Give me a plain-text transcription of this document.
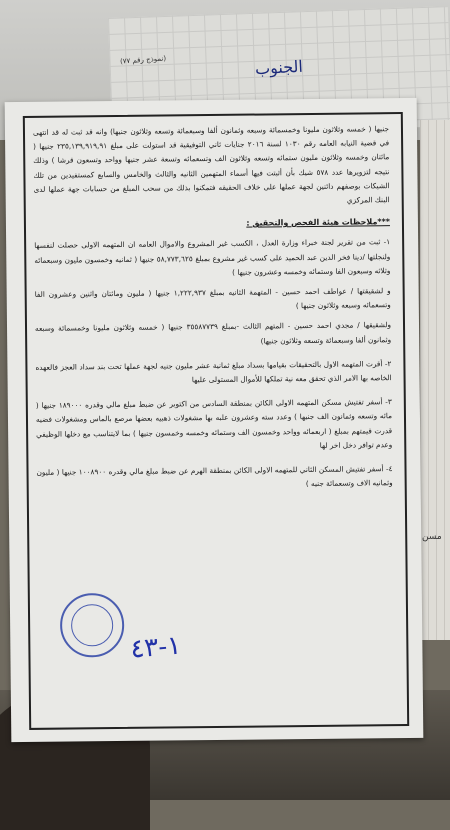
(نموذج رقم ٧٧)	الجنوب
مسن

جنيها ( خمسه وثلاثون مليونا وخمسمائة وسبعه وثمانون ألفا وسبعمائة وتسعه وثلاثون جنيها) وانه قد ثبت له قد انتهى في قضية النيابه العامه رقم ١٠٣٠ لسنة ٢٠١٦ جنايات ثاني التوفيقية قد استولت على مبلغ ٢٣٥,١٣٩,٩١٩,٩١ جنيها ( مائتان وخمسه وثلاثون مليون ستمائه وتسعه وثلاثون الف وتسعمائه وتسعة عشر جنيها وواحد وتسعون قرشا ) وذلك نتيجه لتزويرها عدد ٥٧٨ شيك بأن أثبتت فيها أسماء المتهمين الثانيه والثالث والخامس والسابع كمستفيدين من تلك الشيكات بوصفهم دائنين لجهة عملها على خلاف الحقيقه فتمكنوا بذلك من سحب المبلغ من حسابات جهة عملها لدى البنك المركزي

***ملاحظات هيئة الفحص والتحقيق :

١- ثبت من تقرير لجنة خبراء وزارة العدل ، الكسب غير المشروع والاموال العامه ان المتهمه الاولى حصلت لنفسها ولنجلتها /دينا فخر الدين عبد الحميد على كسب غير مشروع بمبلغ ٥٨,٧٧٣,٦٢٥ جنيها ( ثمانيه وخمسون مليون وسبعمائه وثلاثه وسبعون الفا وستمائه وخمسه وعشرون جنيها )

و لشقيقتها / عواطف احمد حسين - المتهمة الثانيه بمبلغ ١,٢٢٢,٩٣٧ جنيها ( مليون ومائتان واثنين وعشرون الفا وتسعمائه وسبعه وثلاثون جنيها )

ولشقيقها / مجدي احمد حسين - المتهم الثالث -بمبلغ ٣٥٥٨٧٧٣٩ جنيها ( خمسه وثلاثون مليونا وخمسمائة وسبعه وثمانون ألفا وسبعمائة وتسعه وثلاثون جنيها)

٢- أقرت المتهمه الاول بالتحقيقات بقيامها بسداد مبلغ ثمانية عشر مليون جنيه لجهة عملها تحت بند سداد العجز فالعهده الخاصه بها الامر الذي تحقق معه نية تملكها للأموال المستولى عليها

٣- أسفر تفتيش مسكن المتهمه الاولى الكائن بمنطقة السادس من اكتوبر عن ضبط مبلغ مالي وقدره ١٨٩٠٠٠ جنيها ( مائه وتسعه وثمانون الف جنيها ) وعدد سته وعشرون علبه بها مشغولات ذهبيه بعضها مرصع بالماس ومشغولات فضيه قدرت قيمتهم بمبلغ ( اربعمائه وواحد وخمسون الف وستمائه وخمسه وخمسون جنيها ) بما لايتناسب مع دخلها الوظيفي وعدم توافر دخل اخر لها

٤- أسفر تفتيش المسكن الثاني للمتهمه الاولى الكائن بمنطقة الهرم عن ضبط مبلغ مالي وقدره ١٠٠٨٩٠٠ جنيها ( مليون وثمانيه الاف وتسعمائة جنيه )

١-٤٣
